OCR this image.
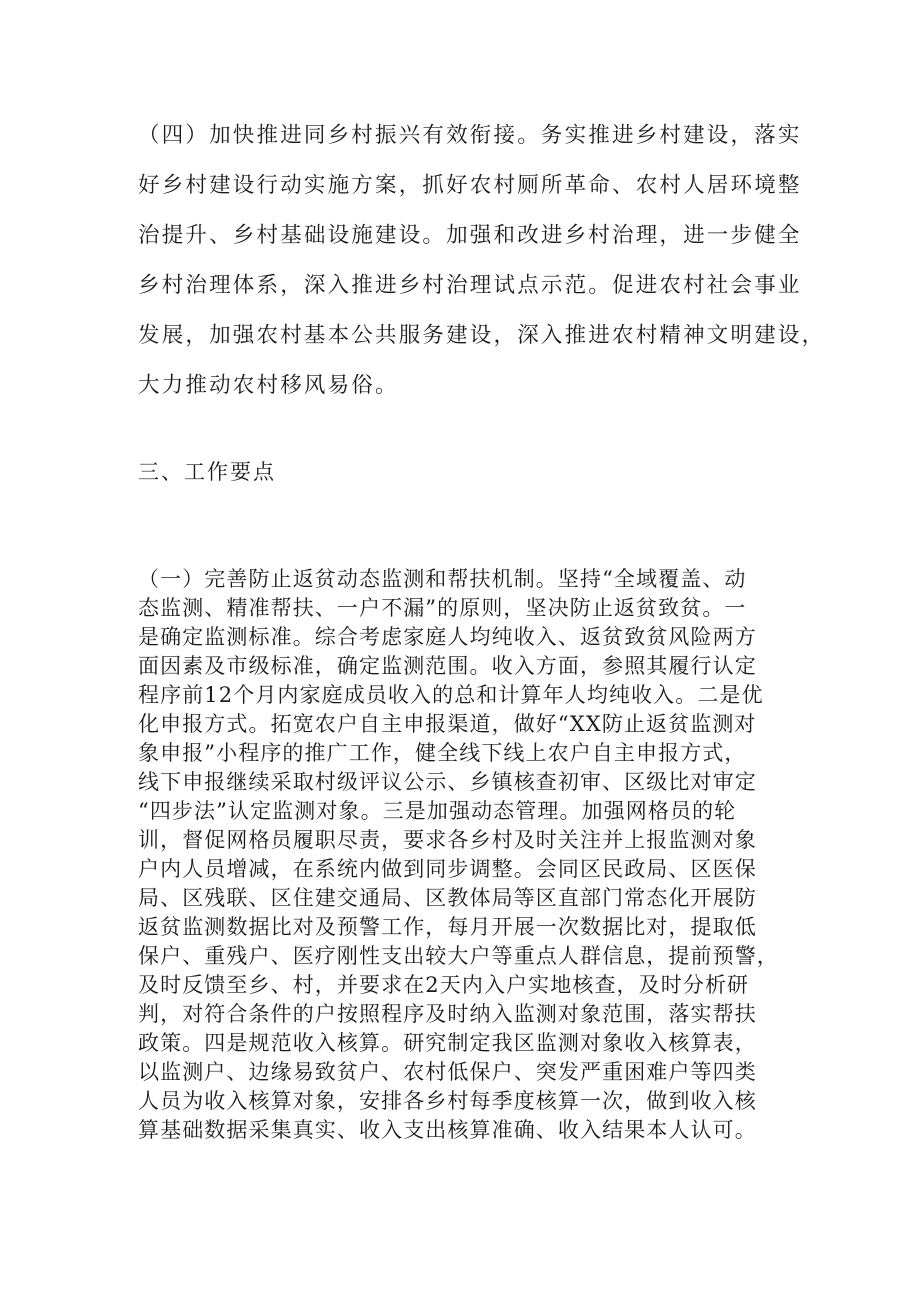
（四）加快推进同乡村振兴有效衔接。务实推进乡村建设，落实

好乡村建设行动实施方案，抓好农村厕所革命、农村人居环境整

治提升、乡村基础设施建设。加强和改进乡村治理，进一步健全

乡村治理体系，深入推进乡村治理试点示范。促进农村社会事业

发展，加强农村基本公共服务建设，深入推进农村精神文明建设，

大力推动农村移风易俗。

三、工作要点

（一）完善防止返贫动态监测和帮扶机制。坚持“全域覆盖、动

态监测、精准帮扶、一户不漏”的原则，坚决防止返贫致贫。一

是确定监测标准。综合考虑家庭人均纯收入、返贫致贫风险两方

面因素及市级标准，确定监测范围。收入方面，参照其履行认定

程序前12个月内家庭成员收入的总和计算年人均纯收入。二是优

化申报方式。拓宽农户自主申报渠道，做好“XX防止返贫监测对

象申报”小程序的推广工作，健全线下线上农户自主申报方式，

线下申报继续采取村级评议公示、乡镇核查初审、区级比对审定

“四步法”认定监测对象。三是加强动态管理。加强网格员的轮

训，督促网格员履职尽责，要求各乡村及时关注并上报监测对象

户内人员增减，在系统内做到同步调整。会同区民政局、区医保

局、区残联、区住建交通局、区教体局等区直部门常态化开展防

返贫监测数据比对及预警工作，每月开展一次数据比对，提取低

保户、重残户、医疗刚性支出较大户等重点人群信息，提前预警，

及时反馈至乡、村，并要求在2天内入户实地核查，及时分析研

判，对符合条件的户按照程序及时纳入监测对象范围，落实帮扶

政策。四是规范收入核算。研究制定我区监测对象收入核算表，

以监测户、边缘易致贫户、农村低保户、突发严重困难户等四类

人员为收入核算对象，安排各乡村每季度核算一次，做到收入核

算基础数据采集真实、收入支出核算准确、收入结果本人认可。
